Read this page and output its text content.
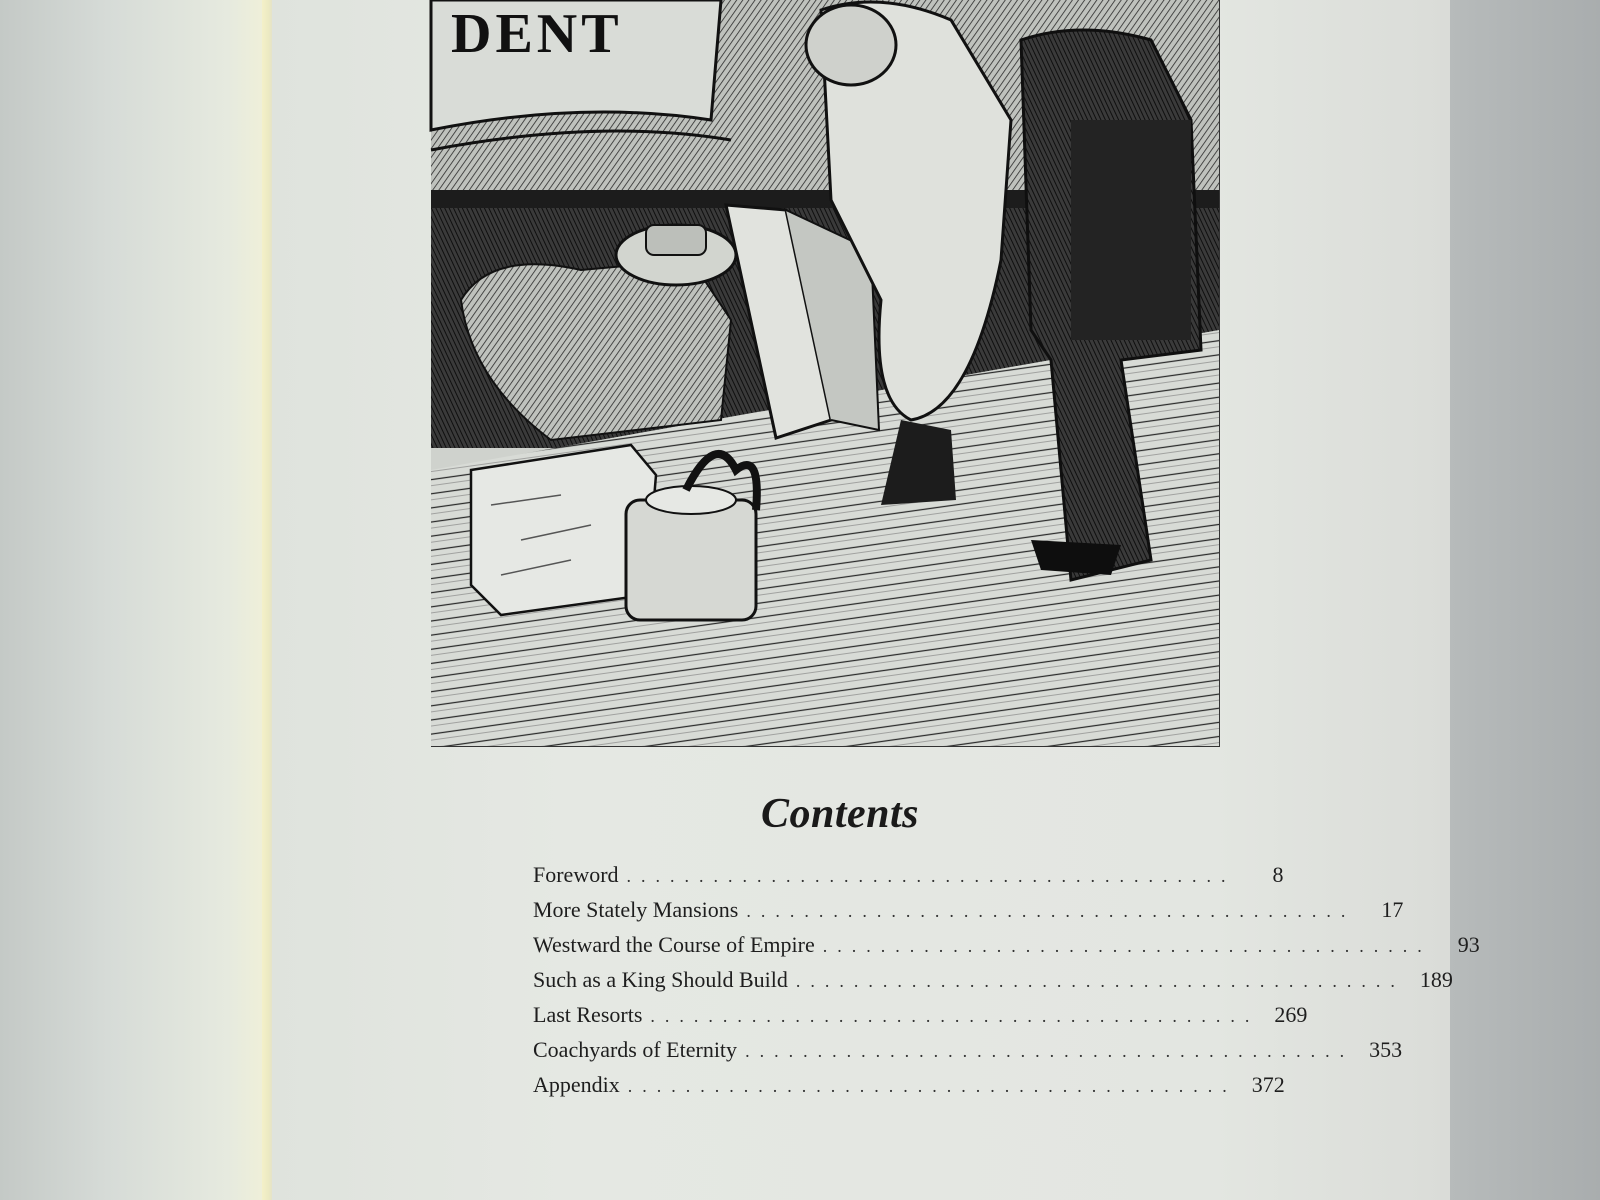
DENT
Contents
Foreword ..........................................	8
More Stately Mansions ..........................................	17
Westward the Course of Empire ..........................................	93
Such as a King Should Build .......................................... 189
Last Resorts .......................................... 269
Coachyards of Eternity .......................................... 353
Appendix .......................................... 372
